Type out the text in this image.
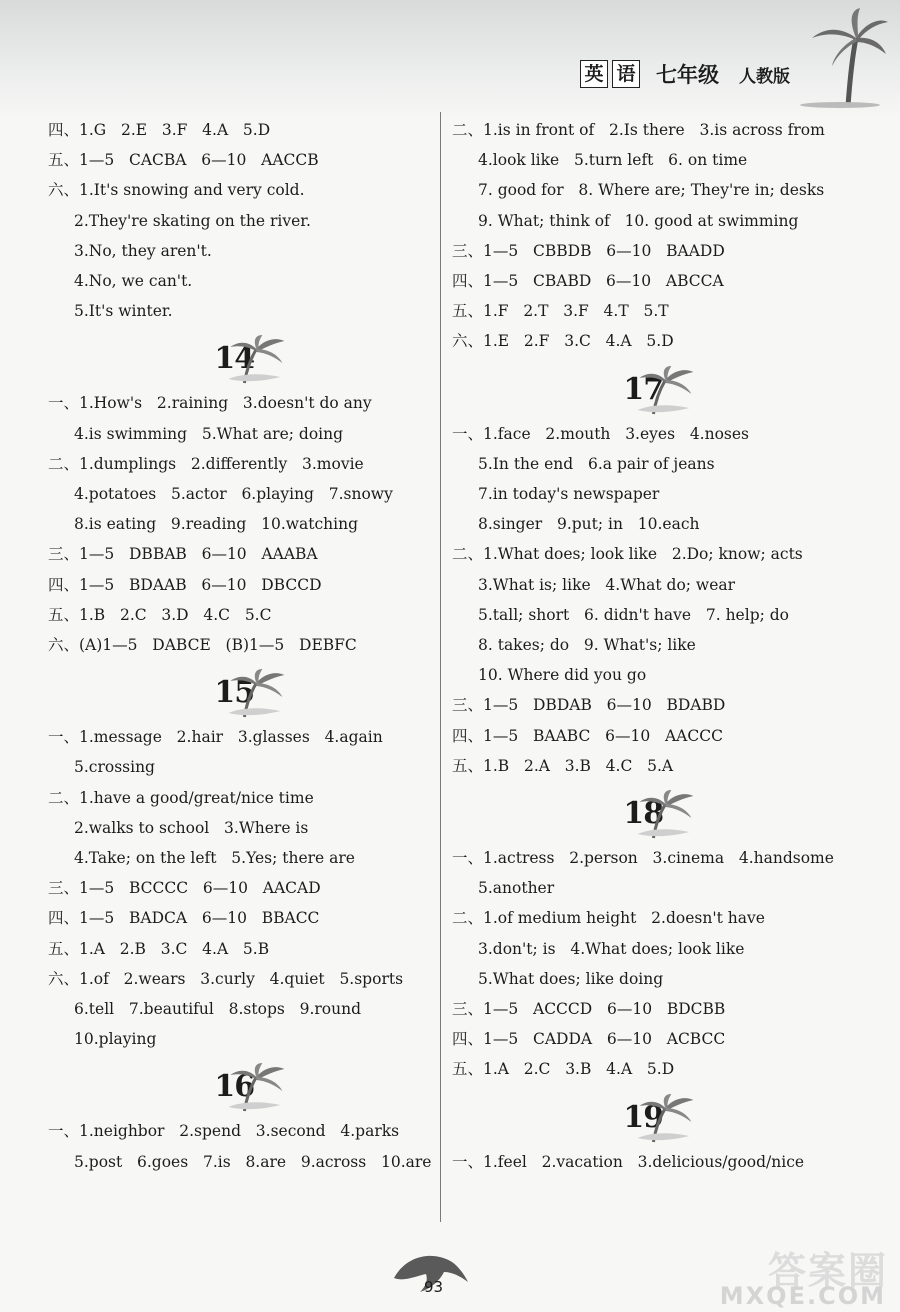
英 语 七年级 人教版
四、1.G   2.E   3.F   4.A   5.D
五、1—5   CACBA   6—10   AACCB
六、1.It's snowing and very cold.
2.They're skating on the river.
3.No, they aren't.
4.No, we can't.
5.It's winter.
14
一、1.How's   2.raining   3.doesn't do any
4.is swimming   5.What are; doing
二、1.dumplings   2.differently   3.movie
4.potatoes   5.actor   6.playing   7.snowy
8.is eating   9.reading   10.watching
三、1—5   DBBAB   6—10   AAABA
四、1—5   BDAAB   6—10   DBCCD
五、1.B   2.C   3.D   4.C   5.C
六、(A)1—5   DABCE   (B)1—5   DEBFC
15
一、1.message   2.hair   3.glasses   4.again
5.crossing
二、1.have a good/great/nice time
2.walks to school   3.Where is
4.Take; on the left   5.Yes; there are
三、1—5   BCCCC   6—10   AACAD
四、1—5   BADCA   6—10   BBACC
五、1.A   2.B   3.C   4.A   5.B
六、1.of   2.wears   3.curly   4.quiet   5.sports
6.tell   7.beautiful   8.stops   9.round
10.playing
16
一、1.neighbor   2.spend   3.second   4.parks
5.post   6.goes   7.is   8.are   9.across   10.are
二、1.is in front of   2.Is there   3.is across from
4.look like   5.turn left   6. on time
7. good for   8. Where are; They're in; desks
9. What; think of   10. good at swimming
三、1—5   CBBDB   6—10   BAADD
四、1—5   CBABD   6—10   ABCCA
五、1.F   2.T   3.F   4.T   5.T
六、1.E   2.F   3.C   4.A   5.D
17
一、1.face   2.mouth   3.eyes   4.noses
5.In the end   6.a pair of jeans
7.in today's newspaper
8.singer   9.put; in   10.each
二、1.What does; look like   2.Do; know; acts
3.What is; like   4.What do; wear
5.tall; short   6. didn't have   7. help; do
8. takes; do   9. What's; like
10. Where did you go
三、1—5   DBDAB   6—10   BDABD
四、1—5   BAABC   6—10   AACCC
五、1.B   2.A   3.B   4.C   5.A
18
一、1.actress   2.person   3.cinema   4.handsome
5.another
二、1.of medium height   2.doesn't have
3.don't; is   4.What does; look like
5.What does; like doing
三、1—5   ACCCD   6—10   BDCBB
四、1—5   CADDA   6—10   ACBCC
五、1.A   2.C   3.B   4.A   5.D
19
一、1.feel   2.vacation   3.delicious/good/nice
93	答案圈
MXQE.COM
